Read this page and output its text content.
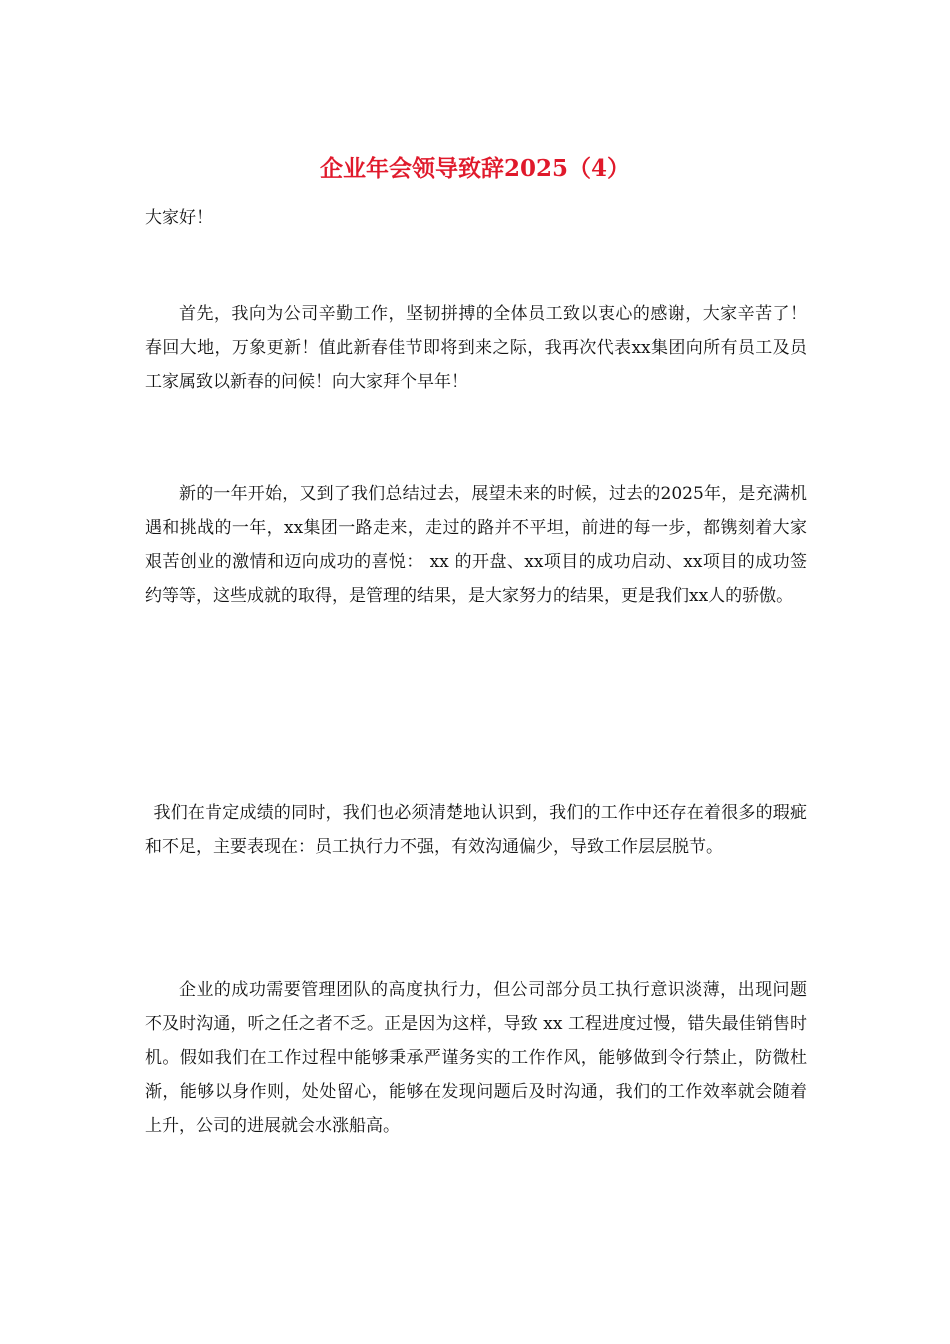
企业年会领导致辞2025（4）

大家好！

首先，我向为公司辛勤工作，坚韧拼搏的全体员工致以衷心的感谢，大家辛苦了！春回大地，万象更新！值此新春佳节即将到来之际，我再次代表xx集团向所有员工及员工家属致以新春的问候！向大家拜个早年！

新的一年开始，又到了我们总结过去，展望未来的时候，过去的2025年，是充满机遇和挑战的一年，xx集团一路走来，走过的路并不平坦，前进的每一步，都镌刻着大家艰苦创业的激情和迈向成功的喜悦： xx 的开盘、xx项目的成功启动、xx项目的成功签约等等，这些成就的取得，是管理的结果，是大家努力的结果，更是我们xx人的骄傲。

我们在肯定成绩的同时，我们也必须清楚地认识到，我们的工作中还存在着很多的瑕疵和不足，主要表现在：员工执行力不强，有效沟通偏少，导致工作层层脱节。

企业的成功需要管理团队的高度执行力，但公司部分员工执行意识淡薄，出现问题不及时沟通，听之任之者不乏。正是因为这样，导致 xx 工程进度过慢，错失最佳销售时机。假如我们在工作过程中能够秉承严谨务实的工作作风，能够做到令行禁止，防微杜渐，能够以身作则，处处留心，能够在发现问题后及时沟通，我们的工作效率就会随着上升，公司的进展就会水涨船高。
